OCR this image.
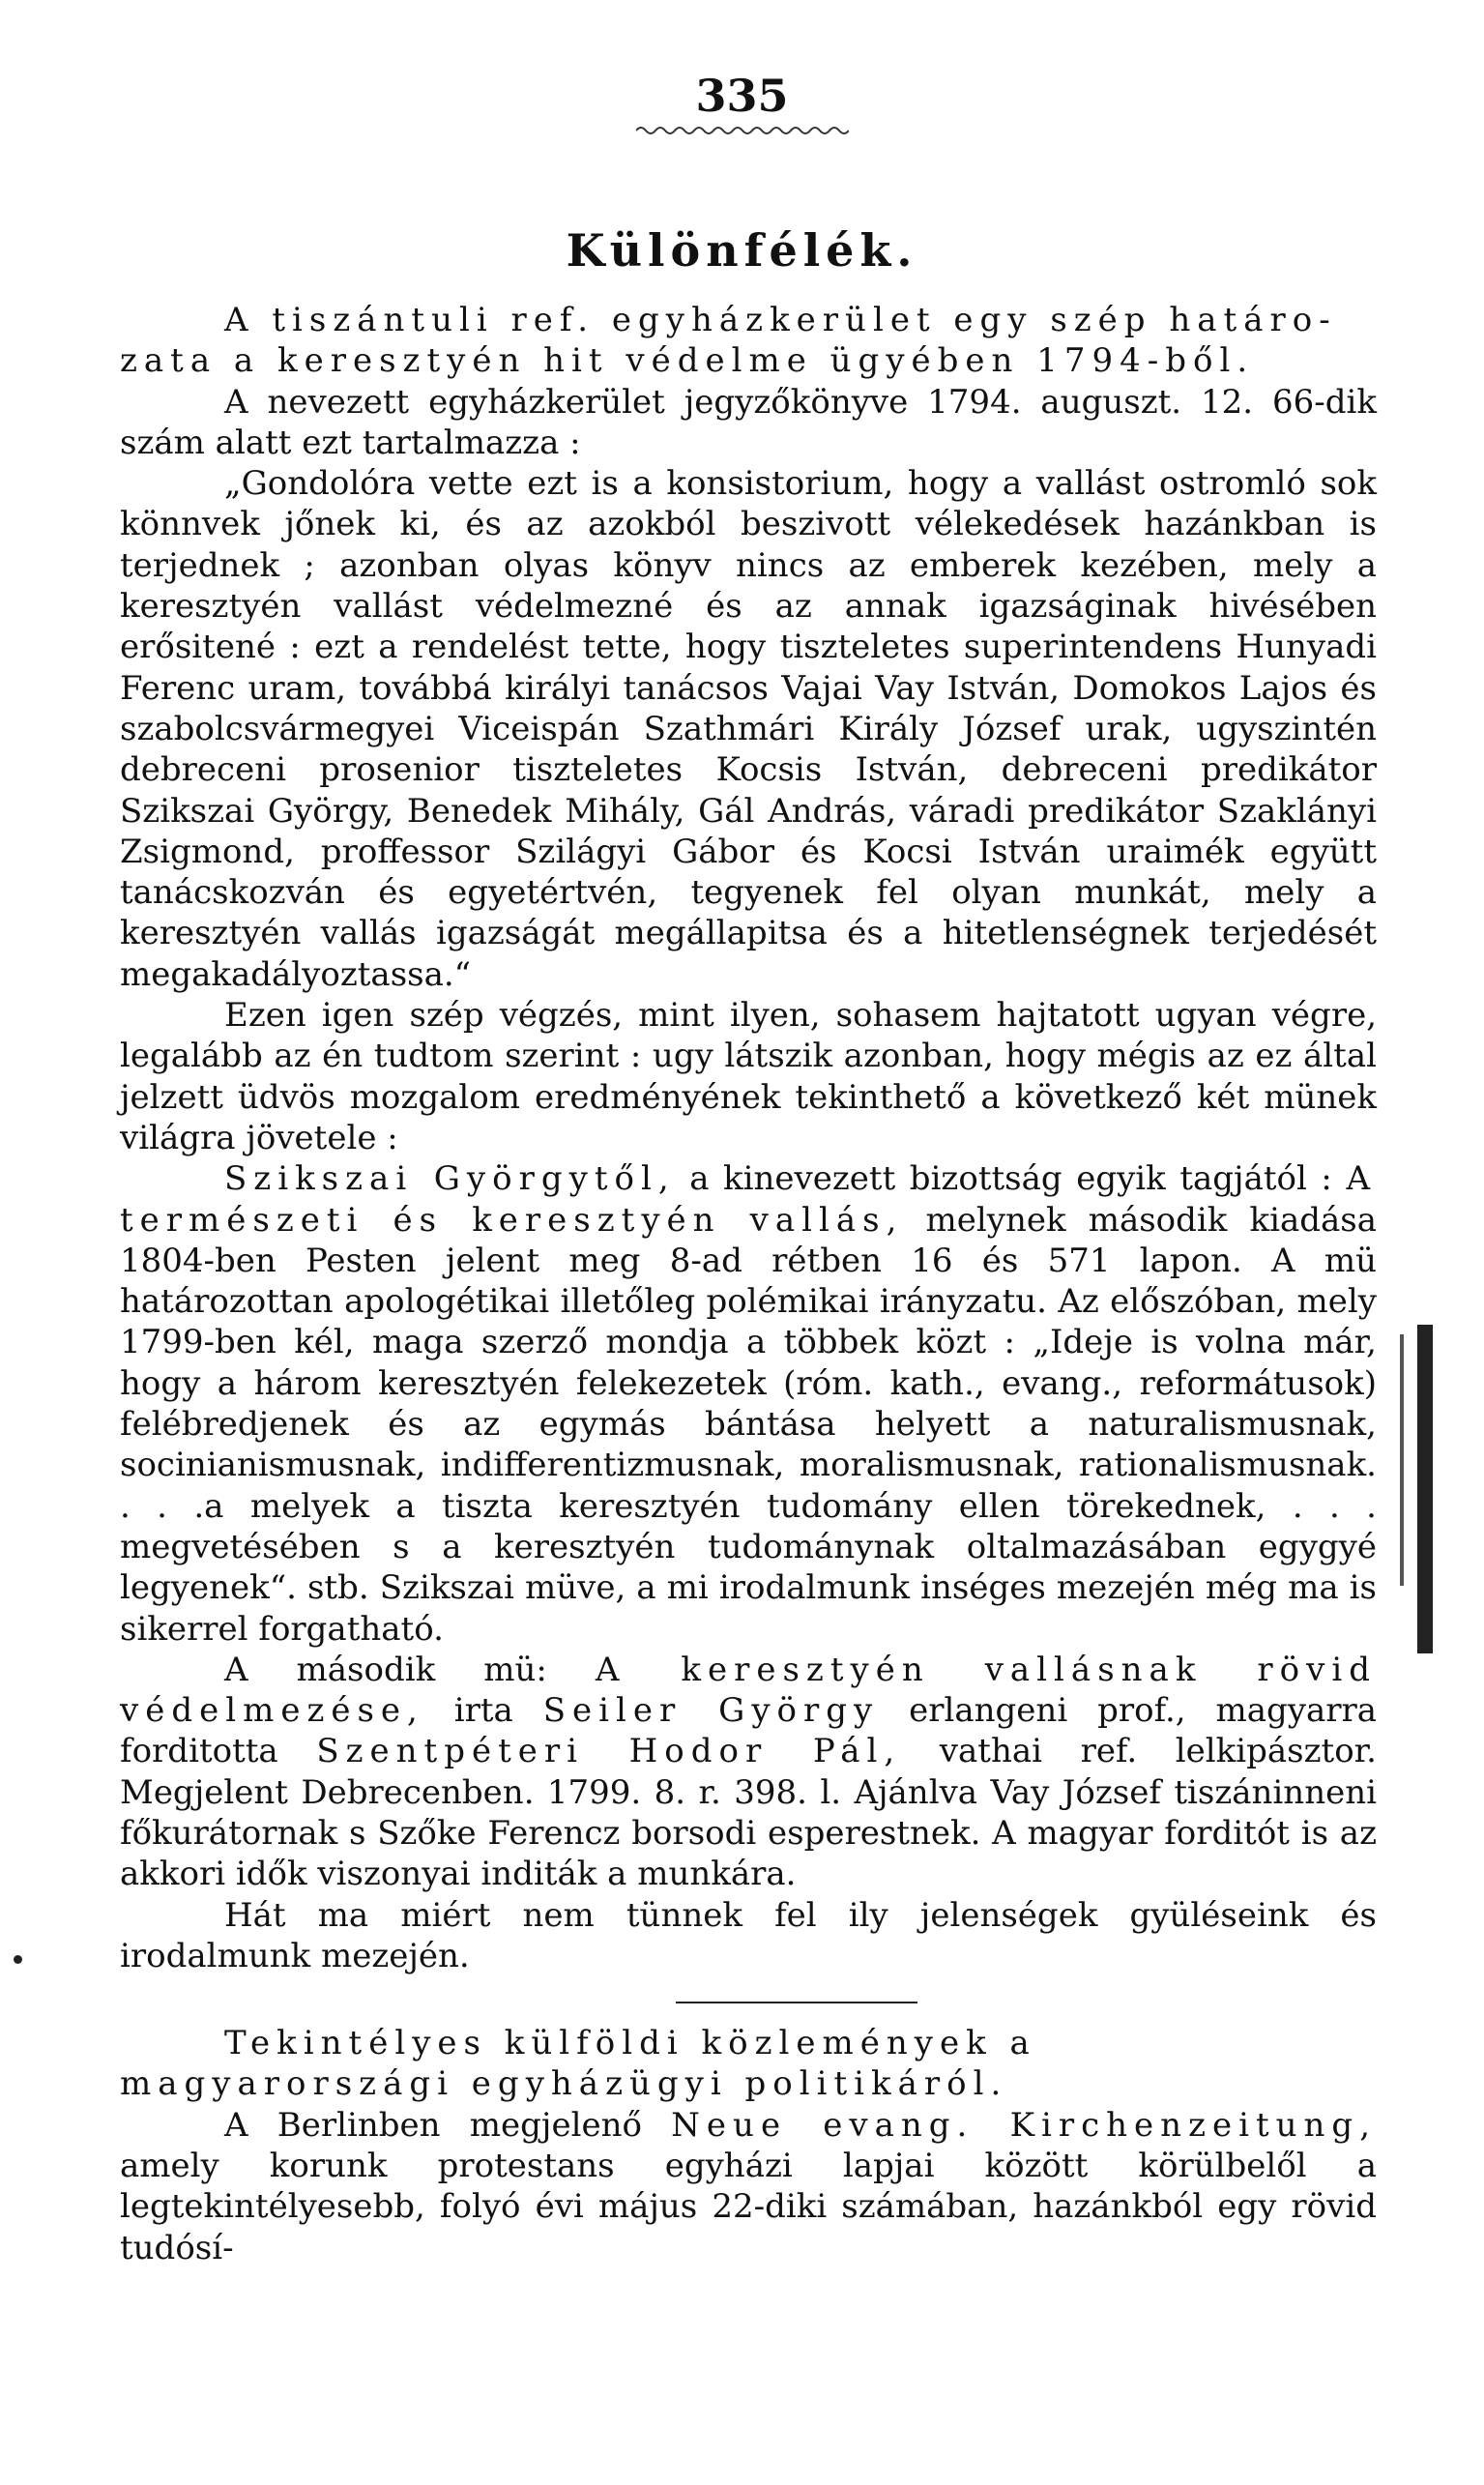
335
Különfélék.

A tiszántuli ref. egyházkerület egy szép határo-

zata a keresztyén hit védelme ügyében 1794-ből.

A nevezett egyházkerület jegyzőkönyve 1794. auguszt. 12. 66-dik szám alatt ezt tartalmazza :

„Gondolóra vette ezt is a konsistorium, hogy a vallást ostromló sok könnvek jőnek ki, és az azokból beszivott vélekedések hazánkban is terjednek ; azonban olyas könyv nincs az emberek kezében, mely a keresztyén vallást védelmezné és az annak igazságinak hivésében erősitené : ezt a rendelést tette, hogy tiszteletes superintendens Hunyadi Ferenc uram, továbbá királyi tanácsos Vajai Vay István, Domokos Lajos és szabolcsvármegyei Viceispán Szathmári Király József urak, ugyszintén debreceni prosenior tiszteletes Kocsis István, debreceni predikátor Szikszai György, Benedek Mihály, Gál András, váradi predikátor Szaklányi Zsigmond, proffessor Szilágyi Gábor és Kocsi István uraimék együtt tanácskozván és egyetértvén, tegyenek fel olyan munkát, mely a keresztyén vallás igazságát megállapitsa és a hitetlenségnek terjedését megakadályoztassa.“

Ezen igen szép végzés, mint ilyen, sohasem hajtatott ugyan végre, legalább az én tudtom szerint : ugy látszik azonban, hogy mégis az ez által jelzett üdvös mozgalom eredményének tekinthető a következő két münek világra jövetele :

Szikszai Györgytől, a kinevezett bizottság egyik tagjától : A természeti és keresztyén vallás, melynek második kiadása 1804-ben Pesten jelent meg 8-ad rétben 16 és 571 lapon. A mü határozottan apologétikai illetőleg polémikai irányzatu. Az előszóban, mely 1799-ben kél, maga szerző mondja a többek közt : „Ideje is volna már, hogy a három keresztyén felekezetek (róm. kath., evang., reformátusok) felébredjenek és az egymás bántása helyett a naturalismusnak, socinianismusnak, indifferentizmusnak, moralismusnak, rationalismusnak. . . .a melyek a tiszta keresztyén tudomány ellen törekednek, . . . megvetésében s a keresztyén tudománynak oltalmazásában egygyé legyenek“. stb. Szikszai müve, a mi irodalmunk inséges mezején még ma is sikerrel forgatható.

A második mü: A keresztyén vallásnak rövid védelmezése, irta Seiler György erlangeni prof., magyarra forditotta Szentpéteri Hodor Pál, vathai ref. lelkipásztor. Megjelent Debrecenben. 1799. 8. r. 398. l. Ajánlva Vay József tiszáninneni főkurátornak s Szőke Ferencz borsodi esperestnek. A magyar forditót is az akkori idők viszonyai inditák a munkára.

Hát ma miért nem tünnek fel ily jelenségek gyüléseink és irodalmunk mezején.

Tekintélyes külföldi közlemények a magyarországi egyházügyi politikáról.

A Berlinben megjelenő Neue evang. Kirchenzeitung, amely korunk protestans egyházi lapjai között körülbelől a legtekintélyesebb, folyó évi május 22-diki számában, hazánkból egy rövid tudósí-
